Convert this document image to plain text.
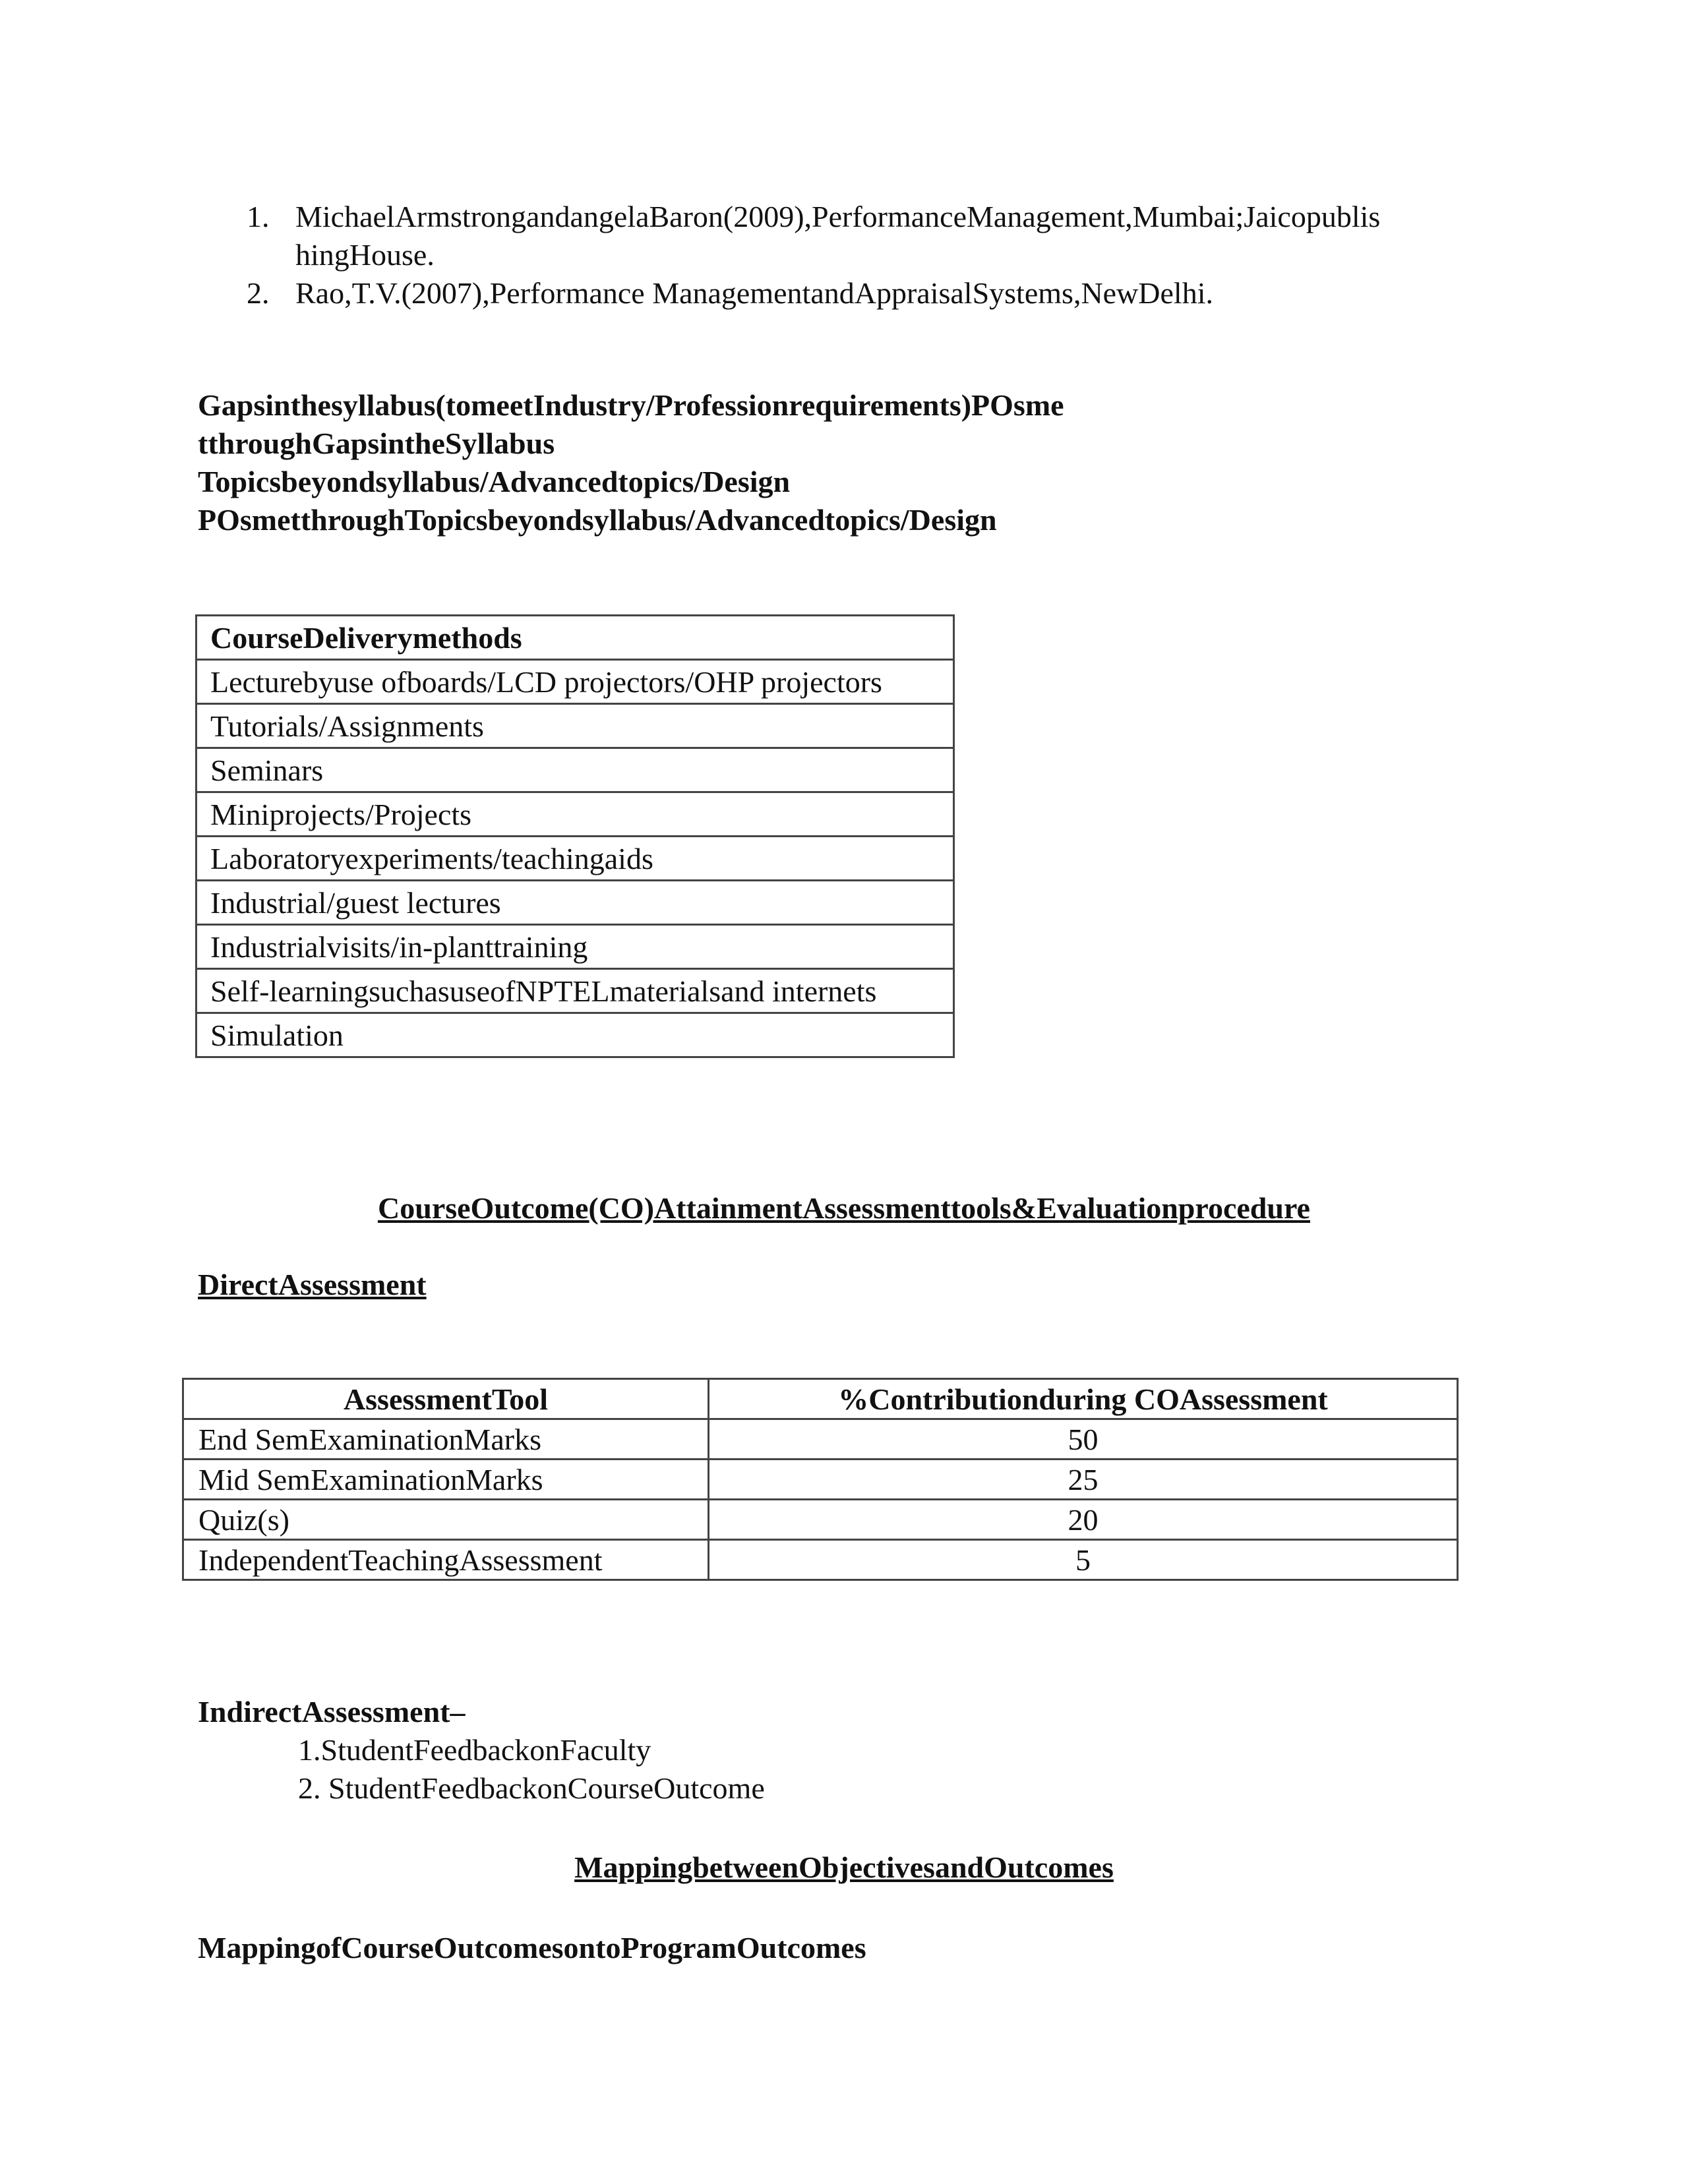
1. MichaelArmstrongandangelaBaron(2009),PerformanceManagement,Mumbai;Jaicopublis
hingHouse.
2. Rao,T.V.(2007),Performance ManagementandAppraisalSystems,NewDelhi.
Gapsinthesyllabus(tomeetIndustry/Professionrequirements)POsme
tthroughGapsintheSyllabus
Topicsbeyondsyllabus/Advancedtopics/Design
POsmetthroughTopicsbeyondsyllabus/Advancedtopics/Design
CourseDeliverymethods
Lecturebyuse ofboards/LCD projectors/OHP projectors
Tutorials/Assignments
Seminars
Miniprojects/Projects
Laboratoryexperiments/teachingaids
Industrial/guest lectures
Industrialvisits/in-planttraining
Self-learningsuchasuseofNPTELmaterialsand internets
Simulation
CourseOutcome(CO)AttainmentAssessmenttools&Evaluationprocedure
DirectAssessment
AssessmentTool	%Contributionduring COAssessment
End SemExaminationMarks	50
Mid SemExaminationMarks	25
Quiz(s)	20
IndependentTeachingAssessment	5
IndirectAssessment–
1.StudentFeedbackonFaculty
2. StudentFeedbackonCourseOutcome
MappingbetweenObjectivesandOutcomes
MappingofCourseOutcomesontoProgramOutcomes
